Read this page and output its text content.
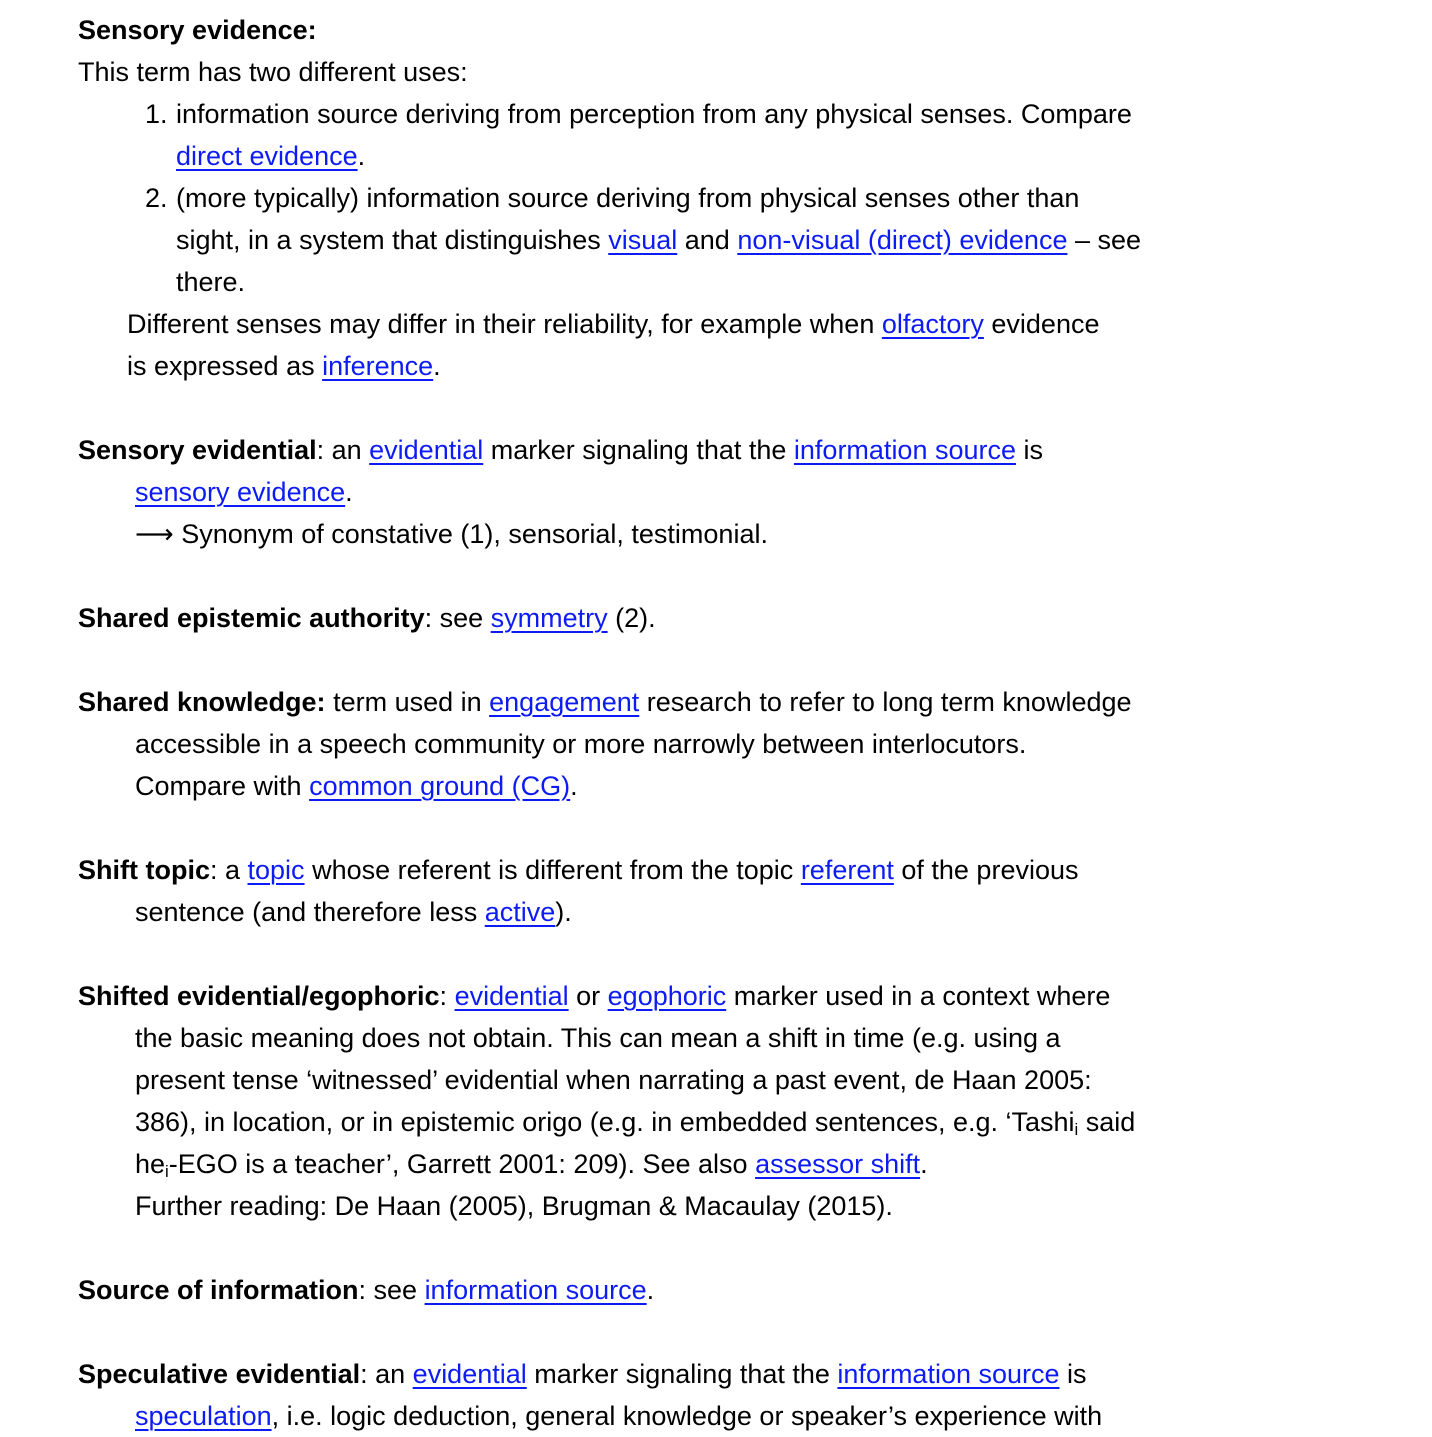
Sensory evidence:
This term has two different uses:
1. information source deriving from perception from any physical senses. Compare
direct evidence.
2. (more typically) information source deriving from physical senses other than
sight, in a system that distinguishes visual and non-visual (direct) evidence – see
there.
Different senses may differ in their reliability, for example when olfactory evidence
is expressed as inference.
Sensory evidential: an evidential marker signaling that the information source is
sensory evidence.
⟶ Synonym of constative (1), sensorial, testimonial.
Shared epistemic authority: see symmetry (2).
Shared knowledge: term used in engagement research to refer to long term knowledge
accessible in a speech community or more narrowly between interlocutors.
Compare with common ground (CG).
Shift topic: a topic whose referent is different from the topic referent of the previous
sentence (and therefore less active).
Shifted evidential/egophoric: evidential or egophoric marker used in a context where
the basic meaning does not obtain. This can mean a shift in time (e.g. using a
present tense ‘witnessed’ evidential when narrating a past event, de Haan 2005:
386), in location, or in epistemic origo (e.g. in embedded sentences, e.g. ‘Tashi$_i$ said
$he_i$-EGO is a teacher’, Garrett 2001: 209). See also assessor shift.
Further reading: De Haan (2005), Brugman & Macaulay (2015).
Source of information: see information source.
Speculative evidential: an evidential marker signaling that the information source is
speculation, i.e. logic deduction, general knowledge or speaker’s experience with
